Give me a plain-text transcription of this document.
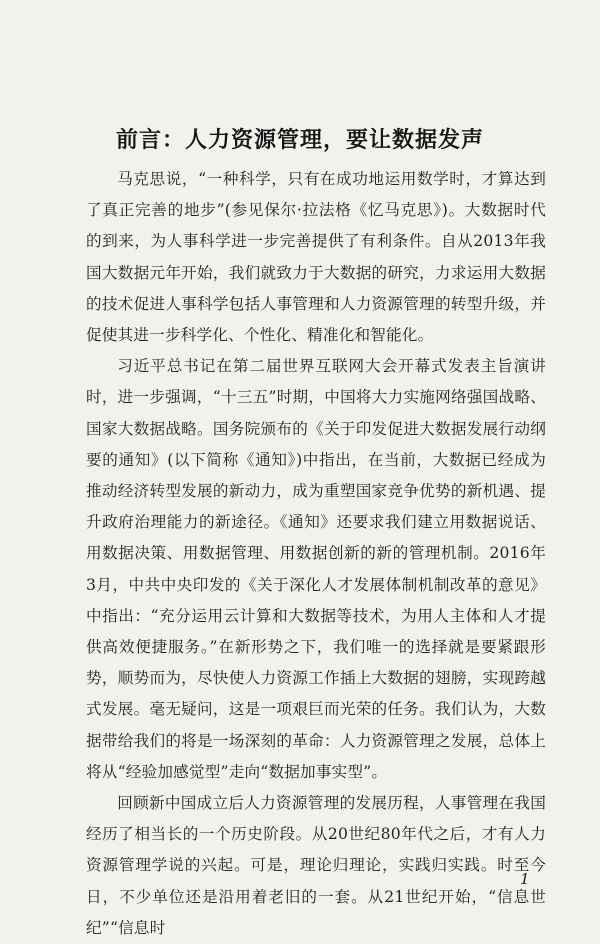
前言：人力资源管理，要让数据发声

马克思说，“一种科学，只有在成功地运用数学时，才算达到了真正完善的地步”(参见保尔·拉法格《忆马克思》)。大数据时代的到来，为人事科学进一步完善提供了有利条件。自从2013年我国大数据元年开始，我们就致力于大数据的研究，力求运用大数据的技术促进人事科学包括人事管理和人力资源管理的转型升级，并促使其进一步科学化、个性化、精准化和智能化。

习近平总书记在第二届世界互联网大会开幕式发表主旨演讲时，进一步强调，“十三五”时期，中国将大力实施网络强国战略、国家大数据战略。国务院颁布的《关于印发促进大数据发展行动纲要的通知》(以下简称《通知》)中指出，在当前，大数据已经成为推动经济转型发展的新动力，成为重塑国家竞争优势的新机遇、提升政府治理能力的新途径。《通知》还要求我们建立用数据说话、用数据决策、用数据管理、用数据创新的新的管理机制。2016年3月，中共中央印发的《关于深化人才发展体制机制改革的意见》中指出：“充分运用云计算和大数据等技术，为用人主体和人才提供高效便捷服务。”在新形势之下，我们唯一的选择就是要紧跟形势，顺势而为，尽快使人力资源工作插上大数据的翅膀，实现跨越式发展。毫无疑问，这是一项艰巨而光荣的任务。我们认为，大数据带给我们的将是一场深刻的革命：人力资源管理之发展，总体上将从“经验加感觉型”走向“数据加事实型”。

回顾新中国成立后人力资源管理的发展历程，人事管理在我国经历了相当长的一个历史阶段。从20世纪80年代之后，才有人力资源管理学说的兴起。可是，理论归理论，实践归实践。时至今日，不少单位还是沿用着老旧的一套。从21世纪开始，“信息世纪”“信息时

1
